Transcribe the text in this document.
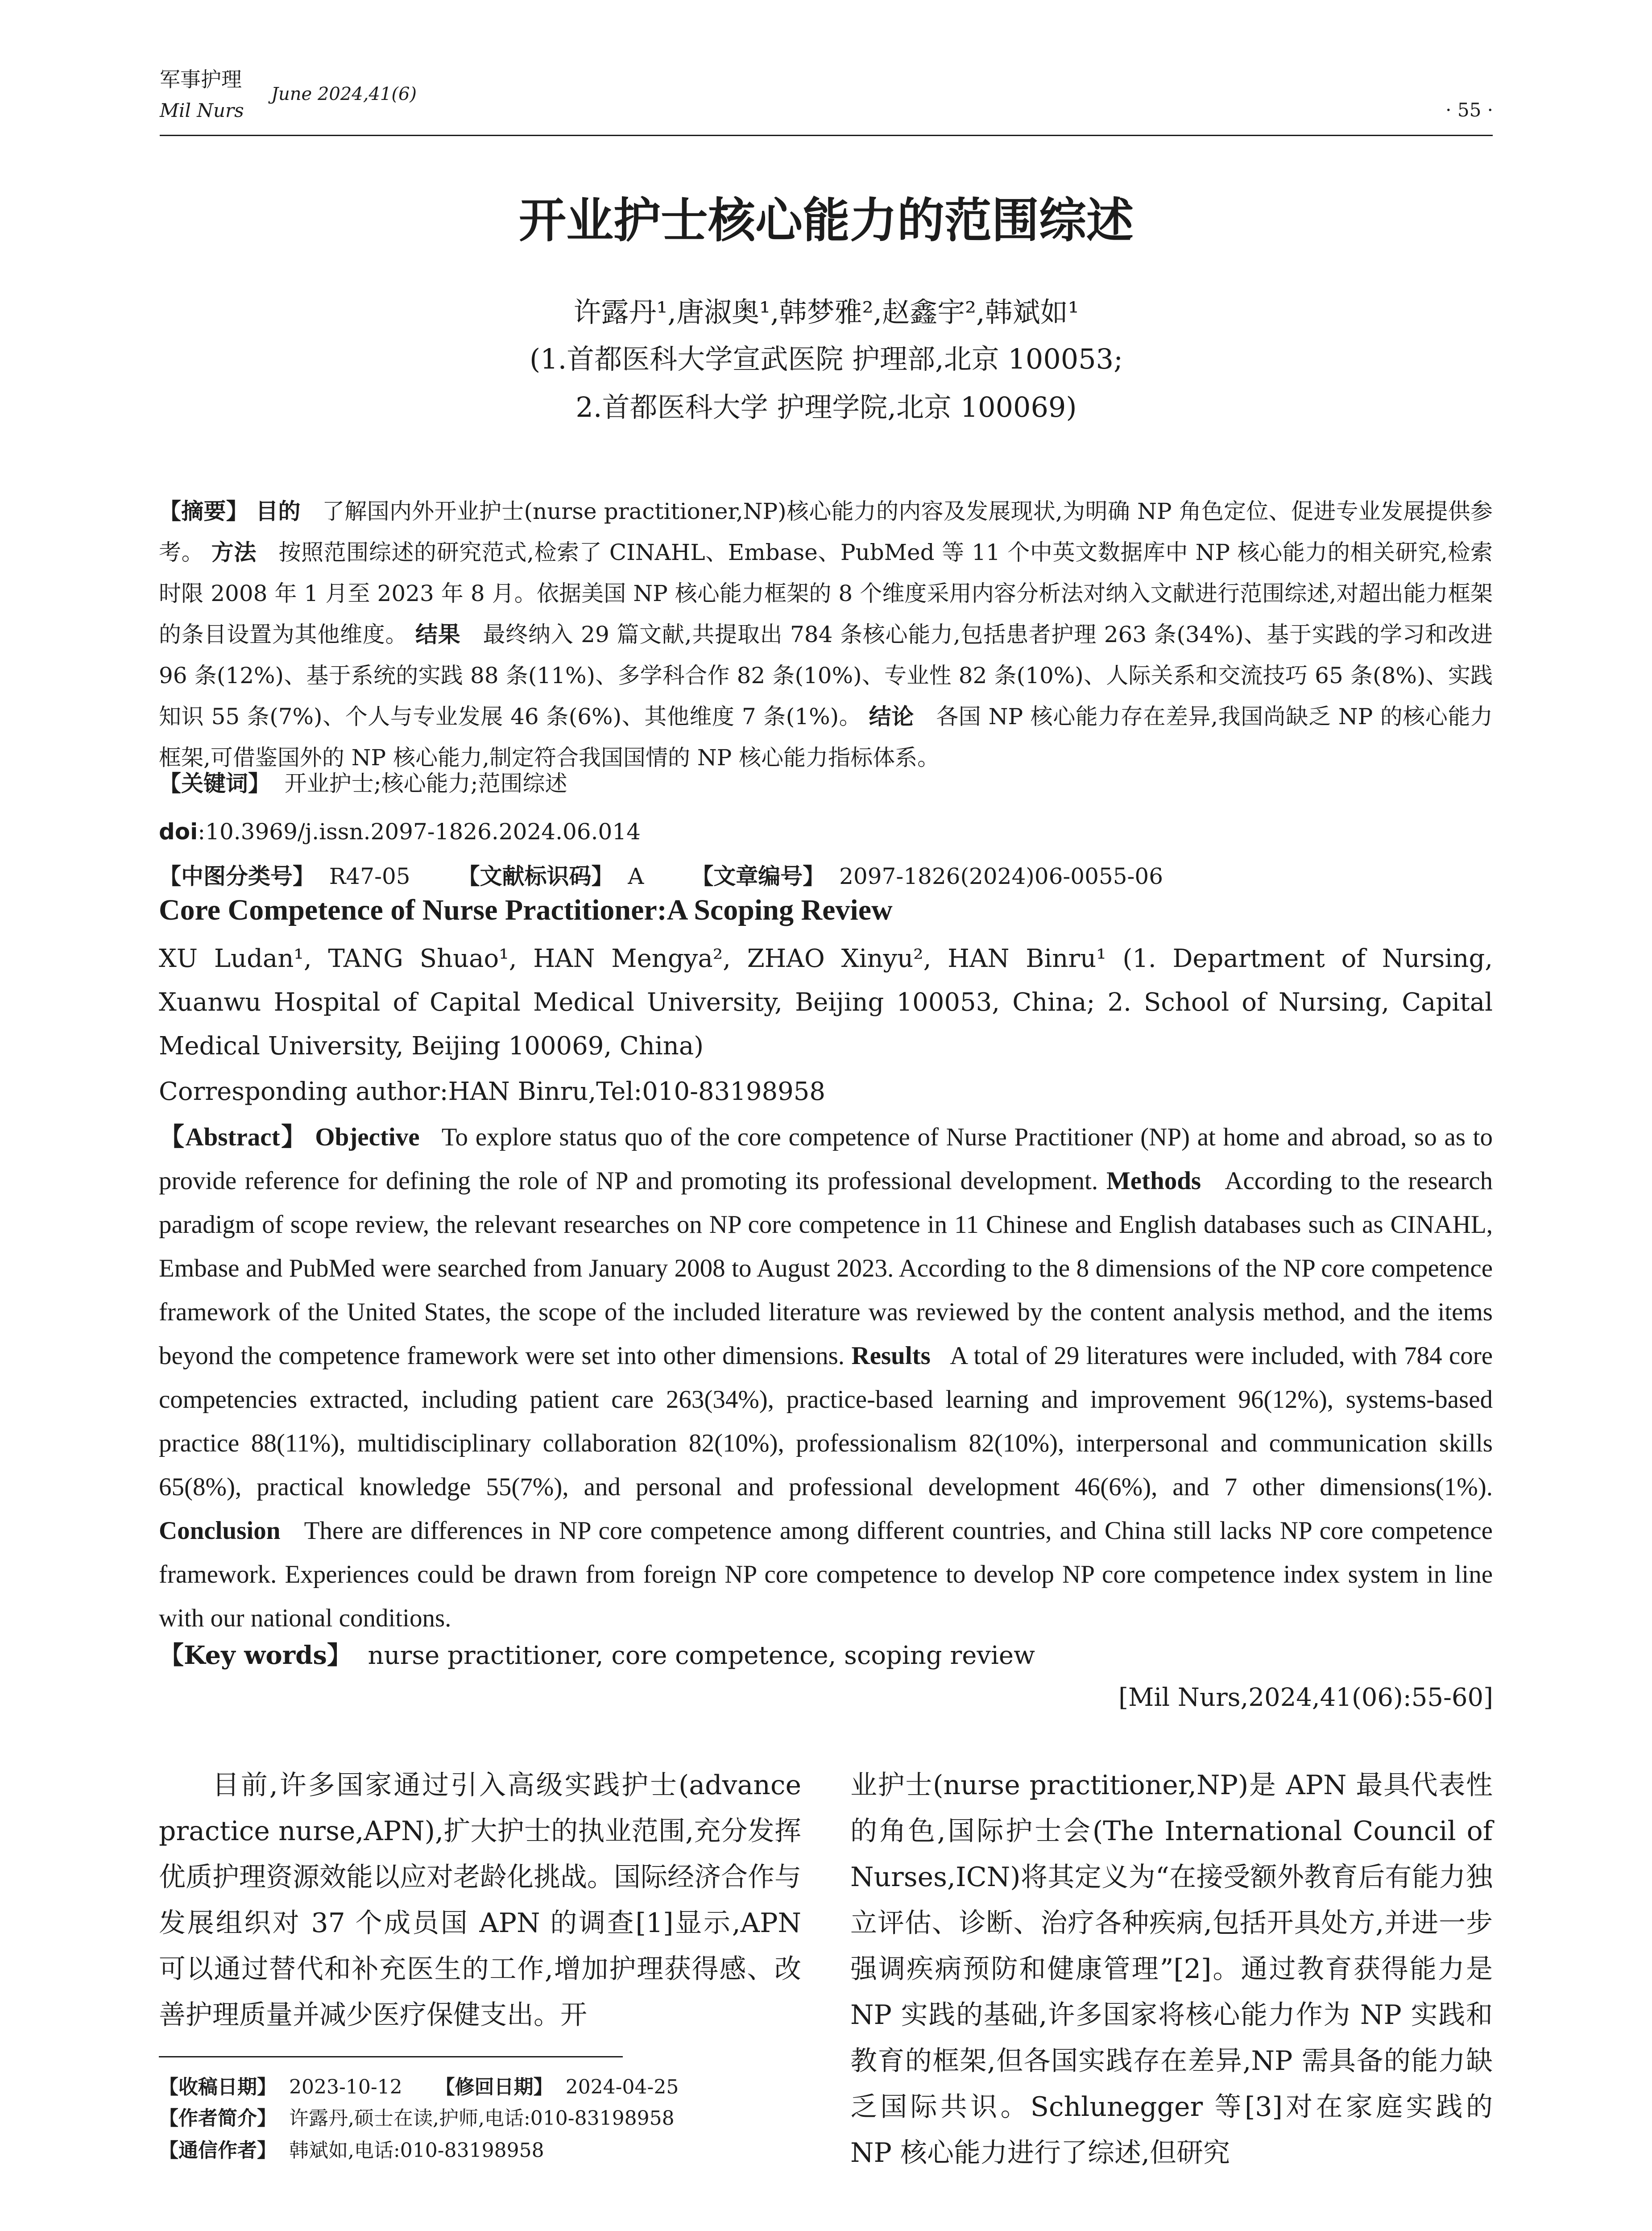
军事护理
Mil Nurs
June 2024,41(6)
· 55 ·
开业护士核心能力的范围综述
许露丹¹,唐淑奥¹,韩梦雅²,赵鑫宇²,韩斌如¹
(1.首都医科大学宣武医院 护理部,北京 100053;
2.首都医科大学 护理学院,北京 100069)
【摘要】 目的 了解国内外开业护士(nurse practitioner,NP)核心能力的内容及发展现状,为明确 NP 角色定位、促进专业发展提供参考。 方法 按照范围综述的研究范式,检索了 CINAHL、Embase、PubMed 等 11 个中英文数据库中 NP 核心能力的相关研究,检索时限 2008 年 1 月至 2023 年 8 月。依据美国 NP 核心能力框架的 8 个维度采用内容分析法对纳入文献进行范围综述,对超出能力框架的条目设置为其他维度。 结果 最终纳入 29 篇文献,共提取出 784 条核心能力,包括患者护理 263 条(34%)、基于实践的学习和改进 96 条(12%)、基于系统的实践 88 条(11%)、多学科合作 82 条(10%)、专业性 82 条(10%)、人际关系和交流技巧 65 条(8%)、实践知识 55 条(7%)、个人与专业发展 46 条(6%)、其他维度 7 条(1%)。 结论 各国 NP 核心能力存在差异,我国尚缺乏 NP 的核心能力框架,可借鉴国外的 NP 核心能力,制定符合我国国情的 NP 核心能力指标体系。
【关键词】 开业护士;核心能力;范围综述
doi:10.3969/j.issn.2097-1826.2024.06.014
【中图分类号】 R47-05 【文献标识码】 A 【文章编号】 2097-1826(2024)06-0055-06
Core Competence of Nurse Practitioner:A Scoping Review
XU Ludan¹, TANG Shuao¹, HAN Mengya², ZHAO Xinyu², HAN Binru¹ (1. Department of Nursing, Xuanwu Hospital of Capital Medical University, Beijing 100053, China; 2. School of Nursing, Capital Medical University, Beijing 100069, China)
Corresponding author:HAN Binru,Tel:010-83198958
【Abstract】 Objective To explore status quo of the core competence of Nurse Practitioner (NP) at home and abroad, so as to provide reference for defining the role of NP and promoting its professional development. Methods According to the research paradigm of scope review, the relevant researches on NP core competence in 11 Chinese and English databases such as CINAHL, Embase and PubMed were searched from January 2008 to August 2023. According to the 8 dimensions of the NP core competence framework of the United States, the scope of the included literature was reviewed by the content analysis method, and the items beyond the competence framework were set into other dimensions. Results A total of 29 literatures were included, with 784 core competencies extracted, including patient care 263(34%), practice-based learning and improvement 96(12%), systems-based practice 88(11%), multidisciplinary collaboration 82(10%), professionalism 82(10%), interpersonal and communication skills 65(8%), practical knowledge 55(7%), and personal and professional development 46(6%), and 7 other dimensions(1%). Conclusion There are differences in NP core competence among different countries, and China still lacks NP core competence framework. Experiences could be drawn from foreign NP core competence to develop NP core competence index system in line with our national conditions.
【Key words】 nurse practitioner, core competence, scoping review
[Mil Nurs,2024,41(06):55-60]
目前,许多国家通过引入高级实践护士(advance practice nurse,APN),扩大护士的执业范围,充分发挥优质护理资源效能以应对老龄化挑战。国际经济合作与发展组织对 37 个成员国 APN 的调查[1]显示,APN 可以通过替代和补充医生的工作,增加护理获得感、改善护理质量并减少医疗保健支出。开
业护士(nurse practitioner,NP)是 APN 最具代表性的角色,国际护士会(The International Council of Nurses,ICN)将其定义为“在接受额外教育后有能力独立评估、诊断、治疗各种疾病,包括开具处方,并进一步强调疾病预防和健康管理”[2]。通过教育获得能力是 NP 实践的基础,许多国家将核心能力作为 NP 实践和教育的框架,但各国实践存在差异,NP 需具备的能力缺乏国际共识。Schlunegger 等[3]对在家庭实践的 NP 核心能力进行了综述,但研究
【收稿日期】 2023-10-12 【修回日期】 2024-04-25
【作者简介】 许露丹,硕士在读,护师,电话:010-83198958
【通信作者】 韩斌如,电话:010-83198958
